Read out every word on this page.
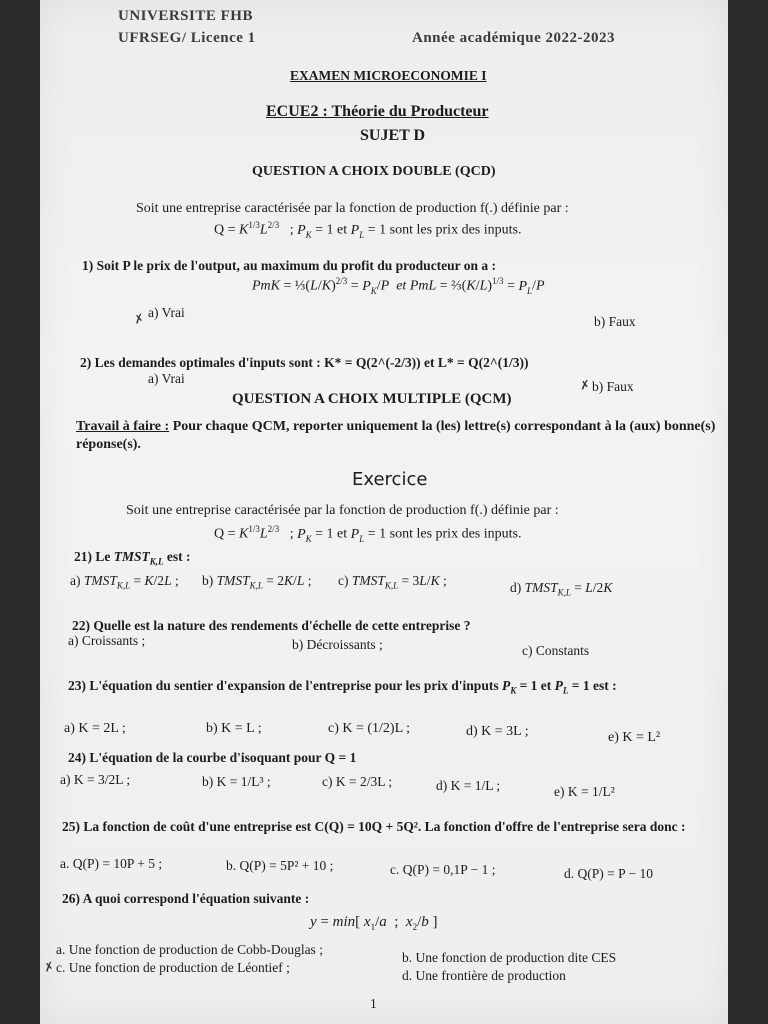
UNIVERSITE FHB
UFRSEG/ Licence 1	Année académique 2022-2023
EXAMEN MICROECONOMIE I
ECUE2 : Théorie du Producteur
SUJET D
QUESTION A CHOIX DOUBLE (QCD)
Soit une entreprise caractérisée par la fonction de production f(.) définie par :
$Q = K^{1/3}L^{2/3}$   ; $P_K = 1$ et $P_L = 1$ sont les prix des inputs.
1) Soit P le prix de l'output, au maximum du profit du producteur on a :
PmK = $\frac{1}{3}(L/K)^{2/3} = P_K/P$ et PmL = $\frac{2}{3}(K/L)^{1/3} = P_L/P$
✗ a) Vrai
b) Faux
2) Les demandes optimales d'inputs sont : K* = Q(2^(-2/3)) et L* = Q(2^(1/3))
a) Vrai	✗ b) Faux
QUESTION A CHOIX MULTIPLE (QCM)
Travail à faire : Pour chaque QCM, reporter uniquement la (les) lettre(s) correspondant à la (aux) bonne(s) réponse(s).
Exercice
Soit une entreprise caractérisée par la fonction de production f(.) définie par :
$Q = K^{1/3}L^{2/3}$   ; $P_K = 1$ et $P_L = 1$ sont les prix des inputs.
21) Le $TMST_{K,L}$ est :
a) $TMST_{K,L} = K/2L$ ; b) $TMST_{K,L} = 2K/L$ ; c) $TMST_{K,L} = 3L/K$ ;	d) $TMST_{K,L} = L/2K$
22) Quelle est la nature des rendements d'échelle de cette entreprise ?
a) Croissants ;	b) Décroissants ;	c) Constants
23) L'équation du sentier d'expansion de l'entreprise pour les prix d'inputs $P_K = 1$ et $P_L = 1$ est :
a) K = 2L ;	b) K = L ;	c) K = (1/2)L ;	d) K = 3L ;	e) K = L²
24) L'équation de la courbe d'isoquant pour Q = 1
a) K = 3/2L ;	b) K = 1/L³ ;	c) K = 2/3L ;	d) K = 1/L ;	e) K = 1/L²
25) La fonction de coût d'une entreprise est C(Q) = 10Q + 5Q². La fonction d'offre de l'entreprise sera donc :
a. Q(P) = 10P + 5 ;	b. Q(P) = 5P² + 10 ;	c. Q(P) = 0,1P − 1 ;	d. Q(P) = P − 10
26) A quoi correspond l'équation suivante :
y = min[ $x_1/a$  ;  $x_2/b$ ]
a. Une fonction de production de Cobb-Douglas ;
b. Une fonction de production dite CES
✗ c. Une fonction de production de Léontief ;
d. Une frontière de production
1
